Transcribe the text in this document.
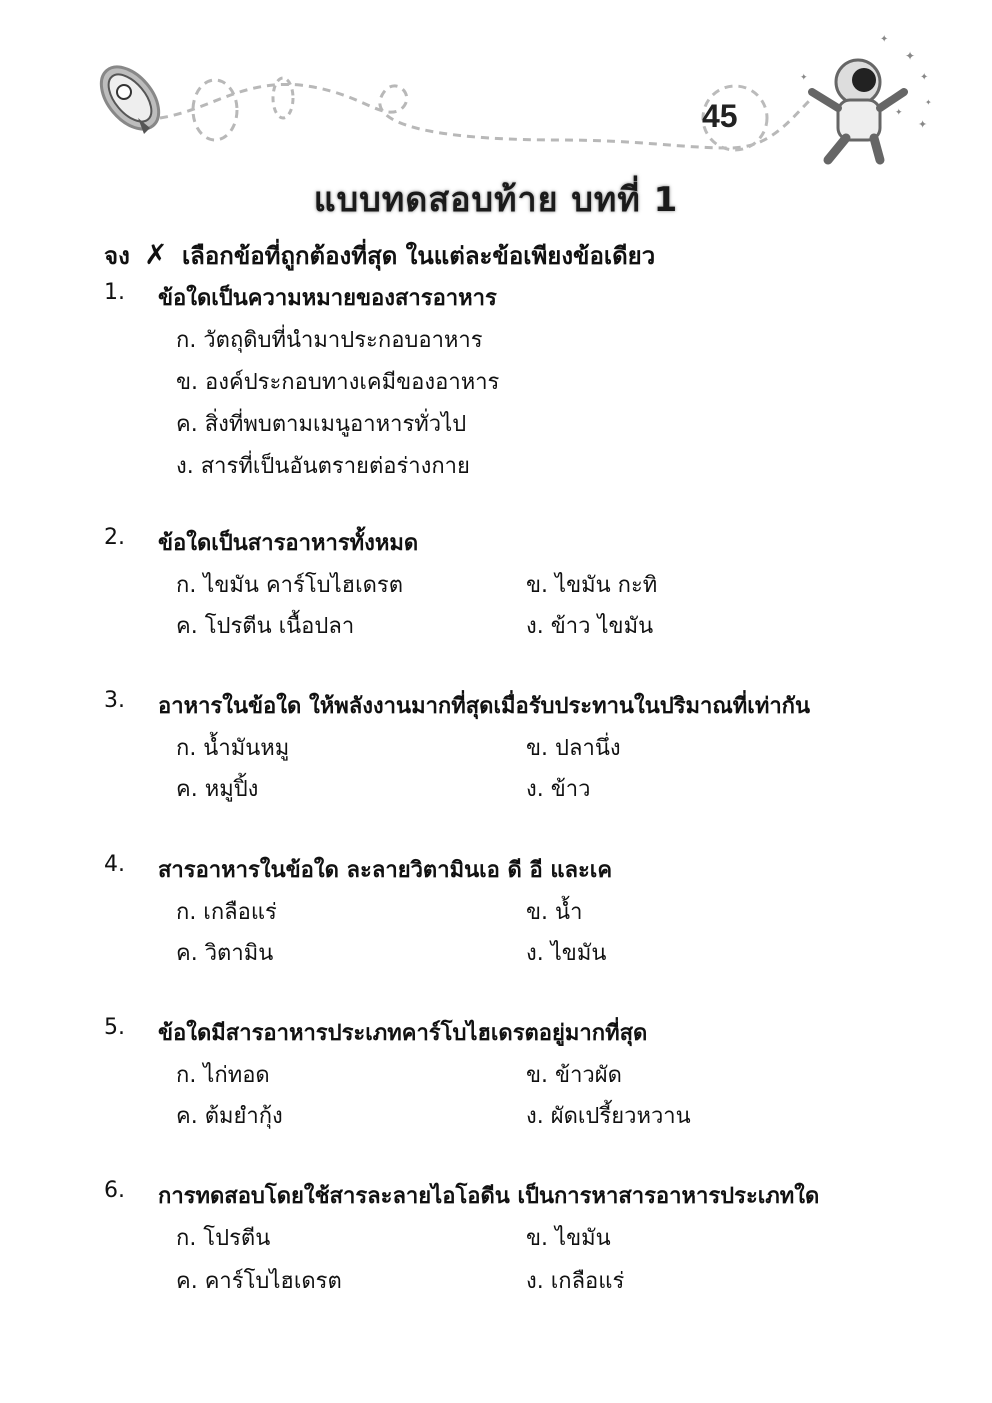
✦
✦
✦
✦
✦
✦
✦
45
แบบทดสอบท้าย บทที่ 1
จง ✗ เลือกข้อที่ถูกต้องที่สุด ในแต่ละข้อเพียงข้อเดียว
1.	ข้อใดเป็นความหมายของสารอาหาร
ก. วัตถุดิบที่นำมาประกอบอาหาร
ข. องค์ประกอบทางเคมีของอาหาร
ค. สิ่งที่พบตามเมนูอาหารทั่วไป
ง. สารที่เป็นอันตรายต่อร่างกาย
2.	ข้อใดเป็นสารอาหารทั้งหมด
ก. ไขมัน คาร์โบไฮเดรต	ข. ไขมัน กะทิ
ค. โปรตีน เนื้อปลา	ง. ข้าว ไขมัน
3.	อาหารในข้อใด ให้พลังงานมากที่สุดเมื่อรับประทานในปริมาณที่เท่ากัน
ก. น้ำมันหมู	ข. ปลานึ่ง
ค. หมูปิ้ง	ง. ข้าว
4.	สารอาหารในข้อใด ละลายวิตามินเอ ดี อี และเค
ก. เกลือแร่	ข. น้ำ
ค. วิตามิน	ง. ไขมัน
5.	ข้อใดมีสารอาหารประเภทคาร์โบไฮเดรตอยู่มากที่สุด
ก. ไก่ทอด	ข. ข้าวผัด
ค. ต้มยำกุ้ง	ง. ผัดเปรี้ยวหวาน
6.	การทดสอบโดยใช้สารละลายไอโอดีน เป็นการหาสารอาหารประเภทใด
ก. โปรตีน	ข. ไขมัน
ค. คาร์โบไฮเดรต	ง. เกลือแร่
